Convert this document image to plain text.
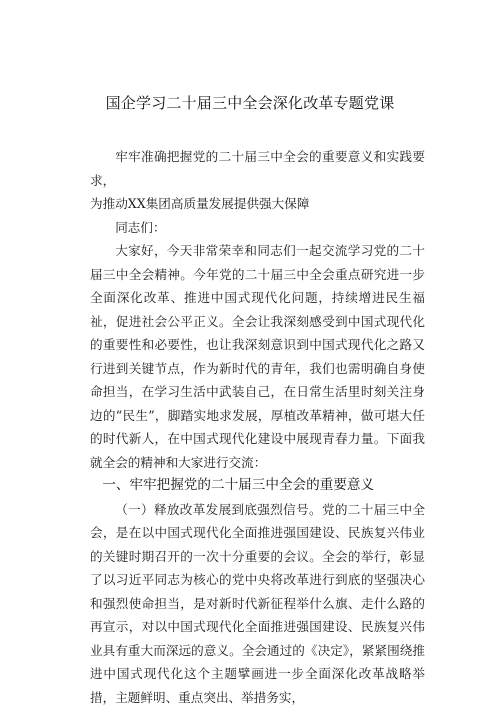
国企学习二十届三中全会深化改革专题党课

牢牢准确把握党的二十届三中全会的重要意义和实践要求，

为推动XX集团高质量发展提供强大保障

同志们：

大家好，今天非常荣幸和同志们一起交流学习党的二十届三中全会精神。今年党的二十届三中全会重点研究进一步全面深化改革、推进中国式现代化问题，持续增进民生福祉，促进社会公平正义。全会让我深刻感受到中国式现代化的重要性和必要性，也让我深刻意识到中国式现代化之路又行进到关键节点，作为新时代的青年，我们也需明确自身使命担当，在学习生活中武装自己，在日常生活里时刻关注身边的“民生”，脚踏实地求发展，厚植改革精神，做可堪大任的时代新人，在中国式现代化建设中展现青春力量。下面我就全会的精神和大家进行交流：

一、牢牢把握党的二十届三中全会的重要意义

（一）释放改革发展到底强烈信号。党的二十届三中全会，是在以中国式现代化全面推进强国建设、民族复兴伟业的关键时期召开的一次十分重要的会议。全会的举行，彰显了以习近平同志为核心的党中央将改革进行到底的坚强决心和强烈使命担当，是对新时代新征程举什么旗、走什么路的再宣示，对以中国式现代化全面推进强国建设、民族复兴伟业具有重大而深远的意义。全会通过的《决定》，紧紧围绕推进中国式现代化这个主题擘画进一步全面深化改革战略举措，主题鲜明、重点突出、举措务实，
